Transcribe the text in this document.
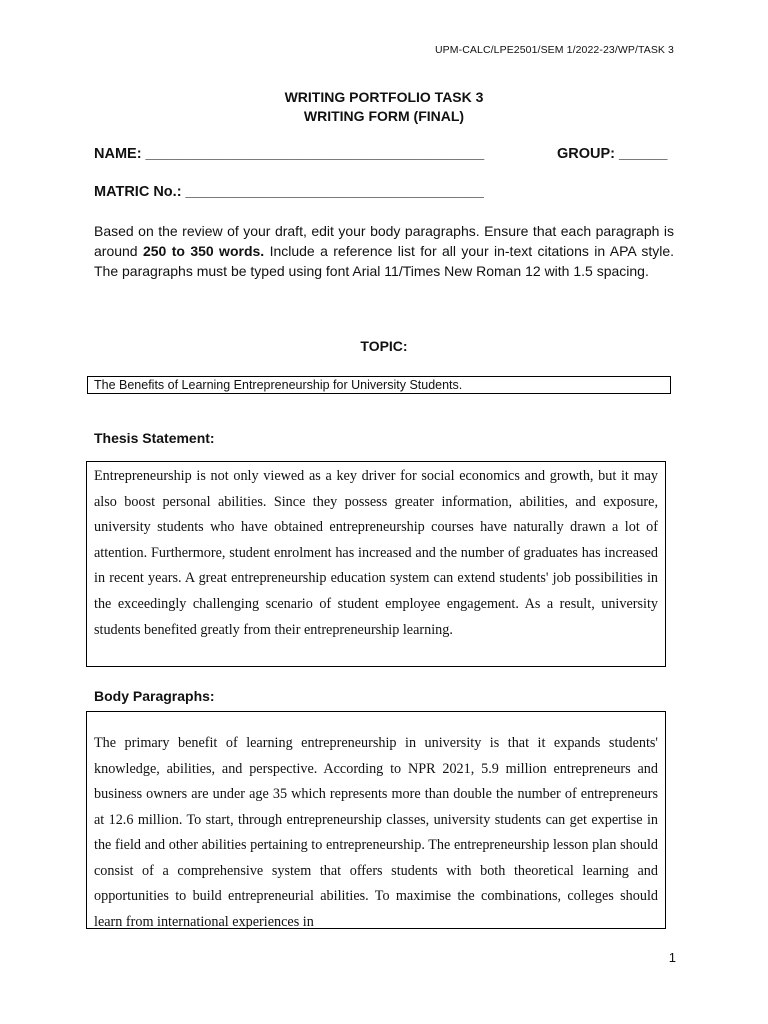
UPM-CALC/LPE2501/SEM 1/2022-23/WP/TASK 3
WRITING PORTFOLIO TASK 3
WRITING FORM (FINAL)
NAME: __________________________________________	GROUP: ______
MATRIC No.: _____________________________________
Based on the review of your draft, edit your body paragraphs. Ensure that each paragraph is around 250 to 350 words. Include a reference list for all your in-text citations in APA style. The paragraphs must be typed using font Arial 11/Times New Roman 12 with 1.5 spacing.
TOPIC:
The Benefits of Learning Entrepreneurship for University Students.
Thesis Statement:
Entrepreneurship is not only viewed as a key driver for social economics and growth, but it may also boost personal abilities. Since they possess greater information, abilities, and exposure, university students who have obtained entrepreneurship courses have naturally drawn a lot of attention. Furthermore, student enrolment has increased and the number of graduates has increased in recent years. A great entrepreneurship education system can extend students' job possibilities in the exceedingly challenging scenario of student employee engagement. As a result, university students benefited greatly from their entrepreneurship learning.
Body Paragraphs:
The primary benefit of learning entrepreneurship in university is that it expands students' knowledge, abilities, and perspective. According to NPR 2021, 5.9 million entrepreneurs and business owners are under age 35 which represents more than double the number of entrepreneurs at 12.6 million. To start, through entrepreneurship classes, university students can get expertise in the field and other abilities pertaining to entrepreneurship. The entrepreneurship lesson plan should consist of a comprehensive system that offers students with both theoretical learning and opportunities to build entrepreneurial abilities. To maximise the combinations, colleges should learn from international experiences in
1
